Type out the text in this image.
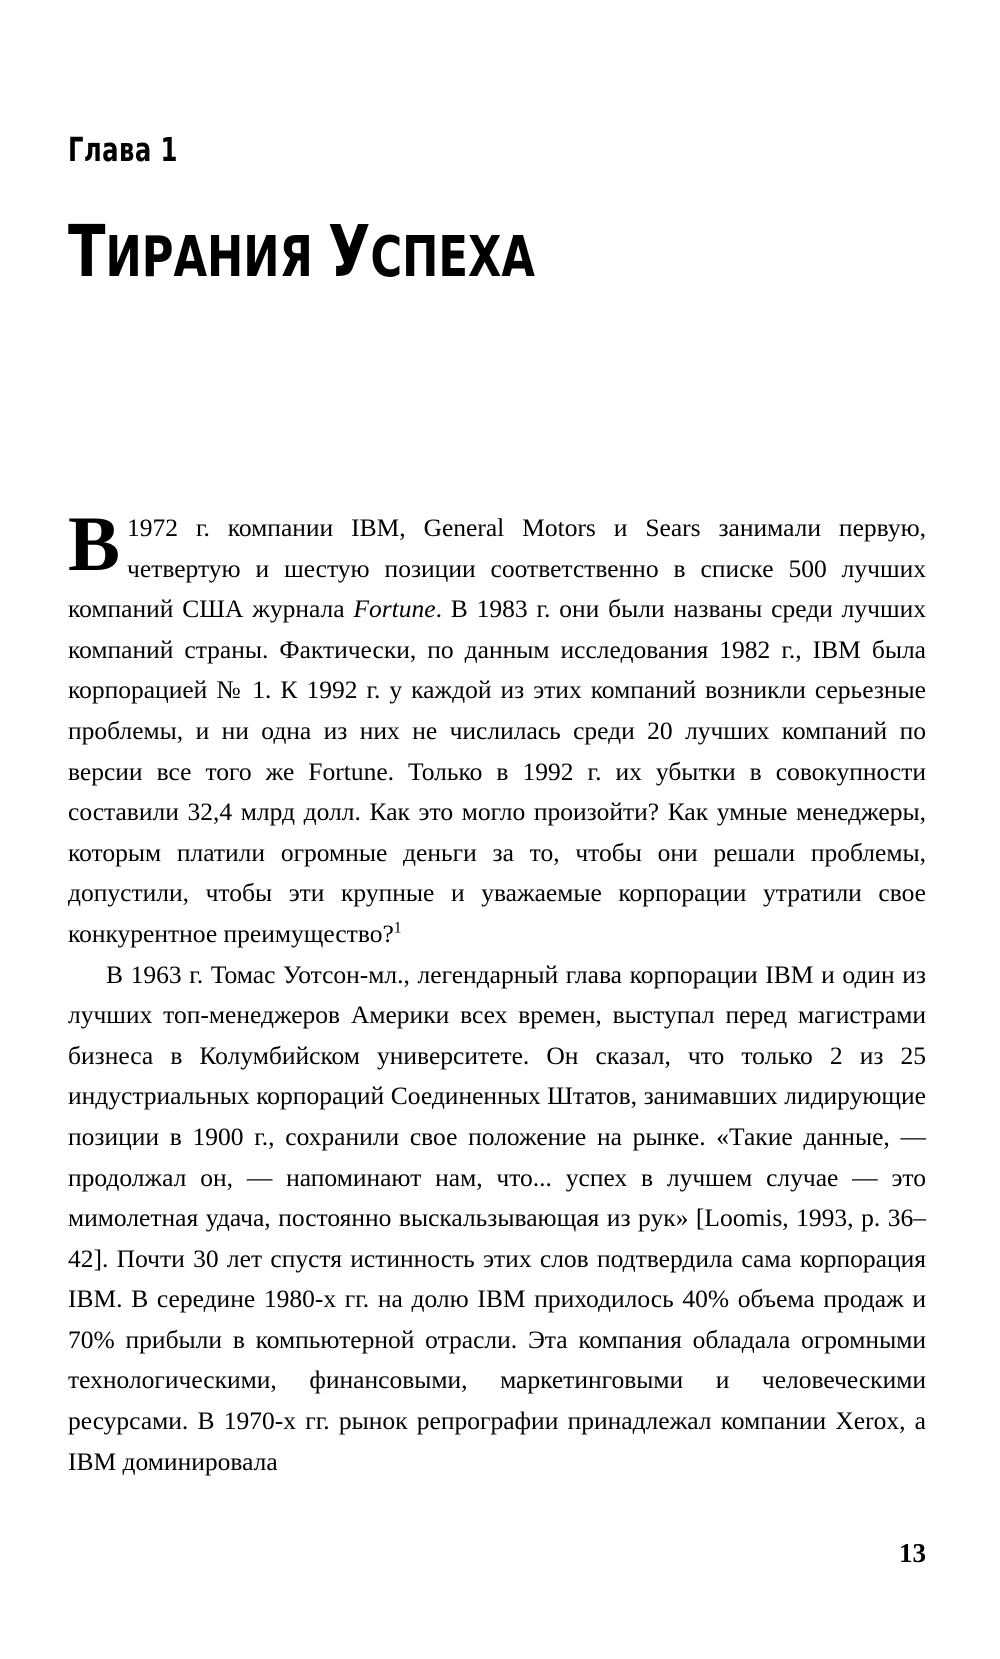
Глава 1
ТИРАНИЯ УСПЕХА

В 1972 г. компании IBM, General Motors и Sears занимали первую, четвертую и шестую позиции соответственно в списке 500 лучших компаний США журнала Fortune. В 1983 г. они были названы среди лучших компаний страны. Фактически, по данным исследования 1982 г., IBM была корпорацией № 1. К 1992 г. у каждой из этих компаний возникли серьезные проблемы, и ни одна из них не числилась среди 20 лучших компаний по версии все того же Fortune. Только в 1992 г. их убытки в совокупности составили 32,4 млрд долл. Как это могло произойти? Как умные менеджеры, которым платили огромные деньги за то, чтобы они решали проблемы, допустили, чтобы эти крупные и уважаемые корпорации утратили свое конкурентное преимущество?$^1$

В 1963 г. Томас Уотсон-мл., легендарный глава корпорации IBM и один из лучших топ-менеджеров Америки всех времен, выступал перед магистрами бизнеса в Колумбийском университете. Он сказал, что только 2 из 25 индустриальных корпораций Соединенных Штатов, занимавших лидирующие позиции в 1900 г., сохранили свое положение на рынке. «Такие данные, — продолжал он, — напоминают нам, что... успех в лучшем случае — это мимолетная удача, постоянно выскальзывающая из рук» [Loomis, 1993, p. 36–42]. Почти 30 лет спустя истинность этих слов подтвердила сама корпорация IBM. В середине 1980-х гг. на долю IBM приходилось 40% объема продаж и 70% прибыли в компьютерной отрасли. Эта компания обладала огромными технологическими, финансовыми, маркетинговыми и человеческими ресурсами. В 1970-х гг. рынок репрографии принадлежал компании Xerox, а IBM доминировала

13
